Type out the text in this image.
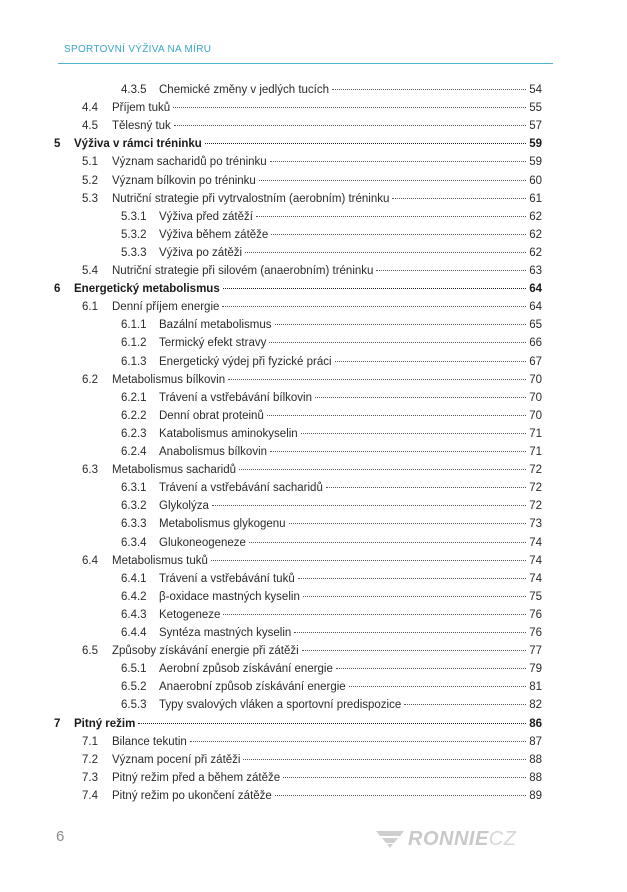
SPORTOVNÍ VÝŽIVA NA MÍRU
4.3.5 Chemické změny v jedlých tucích	54
4.4 Příjem tuků	55
4.5 Tělesný tuk	57
5 Výživa v rámci tréninku	59
5.1 Význam sacharidů po tréninku	59
5.2 Význam bílkovin po tréninku	60
5.3 Nutriční strategie při vytrvalostním (aerobním) tréninku	61
5.3.1 Výživa před zátěží	62
5.3.2 Výživa během zátěže	62
5.3.3 Výživa po zátěži	62
5.4 Nutriční strategie při silovém (anaerobním) tréninku	63
6 Energetický metabolismus	64
6.1 Denní příjem energie	64
6.1.1 Bazální metabolismus	65
6.1.2 Termický efekt stravy	66
6.1.3 Energetický výdej při fyzické práci	67
6.2 Metabolismus bílkovin	70
6.2.1 Trávení a vstřebávání bílkovin	70
6.2.2 Denní obrat proteinů	70
6.2.3 Katabolismus aminokyselin	71
6.2.4 Anabolismus bílkovin	71
6.3 Metabolismus sacharidů	72
6.3.1 Trávení a vstřebávání sacharidů	72
6.3.2 Glykolýza	72
6.3.3 Metabolismus glykogenu	73
6.3.4 Glukoneogeneze	74
6.4 Metabolismus tuků	74
6.4.1 Trávení a vstřebávání tuků	74
6.4.2 β-oxidace mastných kyselin	75
6.4.3 Ketogeneze	76
6.4.4 Syntéza mastných kyselin	76
6.5 Způsoby získávání energie při zátěži	77
6.5.1 Aerobní způsob získávání energie	79
6.5.2 Anaerobní způsob získávání energie	81
6.5.3 Typy svalových vláken a sportovní predispozice	82
7 Pitný režim	86
7.1 Bilance tekutin	87
7.2 Význam pocení při zátěži	88
7.3 Pitný režim před a během zátěže	88
7.4 Pitný režim po ukončení zátěže	89
6	RONNIECZ
